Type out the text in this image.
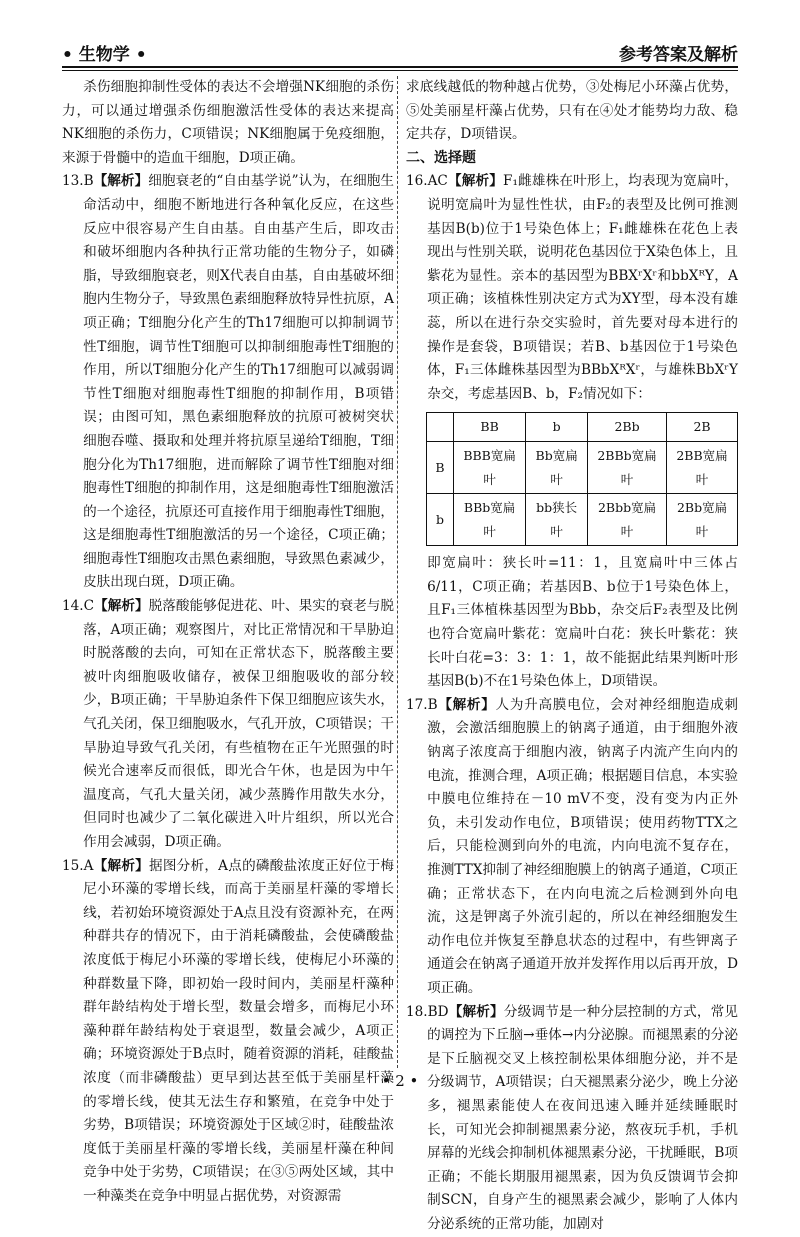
• 生物学 •	参考答案及解析

杀伤细胞抑制性受体的表达不会增强NK细胞的杀伤力，可以通过增强杀伤细胞激活性受体的表达来提高NK细胞的杀伤力，C项错误；NK细胞属于免疫细胞，来源于骨髓中的造血干细胞，D项正确。

13.B【解析】细胞衰老的“自由基学说”认为，在细胞生命活动中，细胞不断地进行各种氧化反应，在这些反应中很容易产生自由基。自由基产生后，即攻击和破坏细胞内各种执行正常功能的生物分子，如磷脂，导致细胞衰老，则X代表自由基，自由基破坏细胞内生物分子，导致黑色素细胞释放特异性抗原，A项正确；T细胞分化产生的Th17细胞可以抑制调节性T细胞，调节性T细胞可以抑制细胞毒性T细胞的作用，所以T细胞分化产生的Th17细胞可以减弱调节性T细胞对细胞毒性T细胞的抑制作用，B项错误；由图可知，黑色素细胞释放的抗原可被树突状细胞吞噬、摄取和处理并将抗原呈递给T细胞，T细胞分化为Th17细胞，进而解除了调节性T细胞对细胞毒性T细胞的抑制作用，这是细胞毒性T细胞激活的一个途径，抗原还可直接作用于细胞毒性T细胞，这是细胞毒性T细胞激活的另一个途径，C项正确；细胞毒性T细胞攻击黑色素细胞，导致黑色素减少，皮肤出现白斑，D项正确。

14.C【解析】脱落酸能够促进花、叶、果实的衰老与脱落，A项正确；观察图片，对比正常情况和干旱胁迫时脱落酸的去向，可知在正常状态下，脱落酸主要被叶肉细胞吸收储存，被保卫细胞吸收的部分较少，B项正确；干旱胁迫条件下保卫细胞应该失水，气孔关闭，保卫细胞吸水，气孔开放，C项错误；干旱胁迫导致气孔关闭，有些植物在正午光照强的时候光合速率反而很低，即光合午休，也是因为中午温度高，气孔大量关闭，减少蒸腾作用散失水分，但同时也减少了二氧化碳进入叶片组织，所以光合作用会减弱，D项正确。

15.A【解析】据图分析，A点的磷酸盐浓度正好位于梅尼小环藻的零增长线，而高于美丽星杆藻的零增长线，若初始环境资源处于A点且没有资源补充，在两种群共存的情况下，由于消耗磷酸盐，会使磷酸盐浓度低于梅尼小环藻的零增长线，使梅尼小环藻的种群数量下降，即初始一段时间内，美丽星杆藻种群年龄结构处于增长型，数量会增多，而梅尼小环藻种群年龄结构处于衰退型，数量会减少，A项正确；环境资源处于B点时，随着资源的消耗，硅酸盐浓度（而非磷酸盐）更早到达甚至低于美丽星杆藻的零增长线，使其无法生存和繁殖，在竞争中处于劣势，B项错误；环境资源处于区域②时，硅酸盐浓度低于美丽星杆藻的零增长线，美丽星杆藻在种间竞争中处于劣势，C项错误；在③⑤两处区域，其中一种藻类在竞争中明显占据优势，对资源需

求底线越低的物种越占优势，③处梅尼小环藻占优势，⑤处美丽星杆藻占优势，只有在④处才能势均力敌、稳定共存，D项错误。

二、选择题

16.AC【解析】F₁雌雄株在叶形上，均表现为宽扁叶，说明宽扁叶为显性性状，由F₂的表型及比例可推测基因B(b)位于1号染色体上；F₁雌雄株在花色上表现出与性别关联，说明花色基因位于X染色体上，且紫花为显性。亲本的基因型为BBXʳXʳ和bbXᴿY，A项正确；该植株性别决定方式为XY型，母本没有雄蕊，所以在进行杂交实验时，首先要对母本进行的操作是套袋，B项错误；若B、b基因位于1号染色体，F₁三体雌株基因型为BBbXᴿXʳ，与雄株BbXʳY杂交，考虑基因B、b，F₂情况如下：

	BB	b	2Bb	2B
B	BBB宽扁叶	Bb宽扁叶	2BBb宽扁叶	2BB宽扁叶
b	BBb宽扁叶	bb狭长叶	2Bbb宽扁叶	2Bb宽扁叶

即宽扁叶：狭长叶=11：1，且宽扁叶中三体占6/11，C项正确；若基因B、b位于1号染色体上，且F₁三体植株基因型为Bbb，杂交后F₂表型及比例也符合宽扁叶紫花：宽扁叶白花：狭长叶紫花：狭长叶白花=3：3：1：1，故不能据此结果判断叶形基因B(b)不在1号染色体上，D项错误。

17.B【解析】人为升高膜电位，会对神经细胞造成刺激，会激活细胞膜上的钠离子通道，由于细胞外液钠离子浓度高于细胞内液，钠离子内流产生向内的电流，推测合理，A项正确；根据题目信息，本实验中膜电位维持在－10 mV不变，没有变为内正外负，未引发动作电位，B项错误；使用药物TTX之后，只能检测到向外的电流，内向电流不复存在，推测TTX抑制了神经细胞膜上的钠离子通道，C项正确；正常状态下，在内向电流之后检测到外向电流，这是钾离子外流引起的，所以在神经细胞发生动作电位并恢复至静息状态的过程中，有些钾离子通道会在钠离子通道开放并发挥作用以后再开放，D项正确。

18.BD【解析】分级调节是一种分层控制的方式，常见的调控为下丘脑→垂体→内分泌腺。而褪黑素的分泌是下丘脑视交叉上核控制松果体细胞分泌，并不是分级调节，A项错误；白天褪黑素分泌少，晚上分泌多，褪黑素能使人在夜间迅速入睡并延续睡眠时长，可知光会抑制褪黑素分泌，熬夜玩手机，手机屏幕的光线会抑制机体褪黑素分泌，干扰睡眠，B项正确；不能长期服用褪黑素，因为负反馈调节会抑制SCN，自身产生的褪黑素会减少，影响了人体内分泌系统的正常功能，加剧对

• 2 •
